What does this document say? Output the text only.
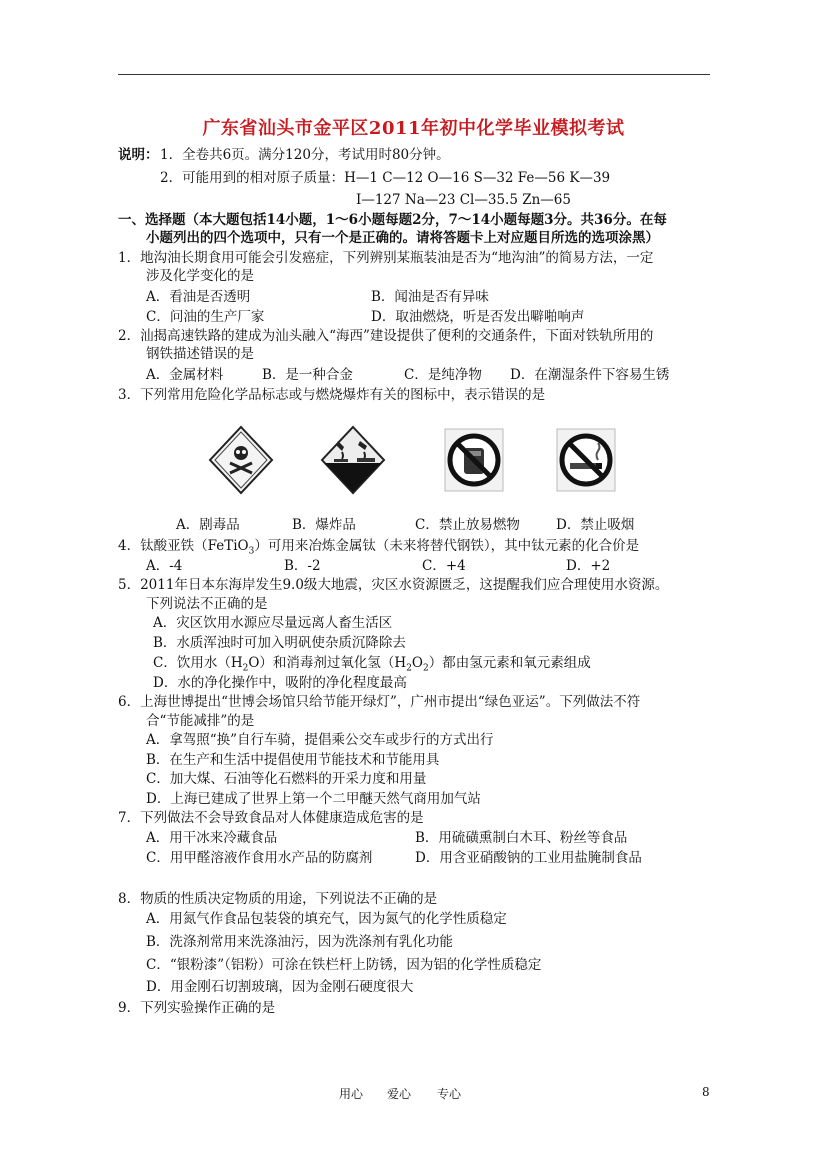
广东省汕头市金平区2011年初中化学毕业模拟考试
说明： 1．全卷共6页。满分120分，考试用时80分钟。
2．可能用到的相对原子质量：H—1 C—12 O—16 S—32 Fe—56 K—39
I—127 Na—23 Cl—35.5 Zn—65
一、选择题（本大题包括14小题，1～6小题每题2分，7～14小题每题3分。共36分。在每
小题列出的四个选项中，只有一个是正确的。请将答题卡上对应题目所选的选项涂黑）
1．地沟油长期食用可能会引发癌症，下列辨别某瓶装油是否为“地沟油”的简易方法，一定
涉及化学变化的是
A．看油是否透明	B．闻油是否有异味
C．问油的生产厂家	D．取油燃烧，听是否发出噼啪响声
2．汕揭高速铁路的建成为汕头融入“海西”建设提供了便利的交通条件，下面对铁轨所用的
钢铁描述错误的是
A．金属材料	B．是一种合金	C．是纯净物 D．在潮湿条件下容易生锈
3．下列常用危险化学品标志或与燃烧爆炸有关的图标中，表示错误的是
A．剧毒品	B．爆炸品	C．禁止放易燃物	D．禁止吸烟
4．钛酸亚铁（FeTiO$_3$）可用来冶炼金属钛（未来将替代钢铁），其中钛元素的化合价是
A．-4	B．-2	C．+4	D．+2
5．2011年日本东海岸发生9.0级大地震，灾区水资源匮乏，这提醒我们应合理使用水资源。
下列说法不正确的是
A．灾区饮用水源应尽量远离人畜生活区
B．水质浑浊时可加入明矾使杂质沉降除去
C．饮用水$(H_2O)$和消毒剂过氧化氢$(H_2O_2)$都由氢元素和氧元素组成
D．水的净化操作中，吸附的净化程度最高
6．上海世博提出“世博会场馆只给节能开绿灯”，广州市提出“绿色亚运”。下列做法不符
合“节能减排”的是
A．拿驾照“换”自行车骑，提倡乘公交车或步行的方式出行
B．在生产和生活中提倡使用节能技术和节能用具
C．加大煤、石油等化石燃料的开采力度和用量
D．上海已建成了世界上第一个二甲醚天然气商用加气站
7．下列做法不会导致食品对人体健康造成危害的是
A．用干冰来冷藏食品	B．用硫磺熏制白木耳、粉丝等食品
C．用甲醛溶液作食用水产品的防腐剂	D．用含亚硝酸钠的工业用盐腌制食品
8．物质的性质决定物质的用途，下列说法不正确的是
A．用氮气作食品包装袋的填充气，因为氮气的化学性质稳定
B．洗涤剂常用来洗涤油污，因为洗涤剂有乳化功能
C．“银粉漆”（铝粉）可涂在铁栏杆上防锈，因为铝的化学性质稳定
D．用金刚石切割玻璃，因为金刚石硬度很大
9．下列实验操作正确的是
用心 爱心 专心	8
